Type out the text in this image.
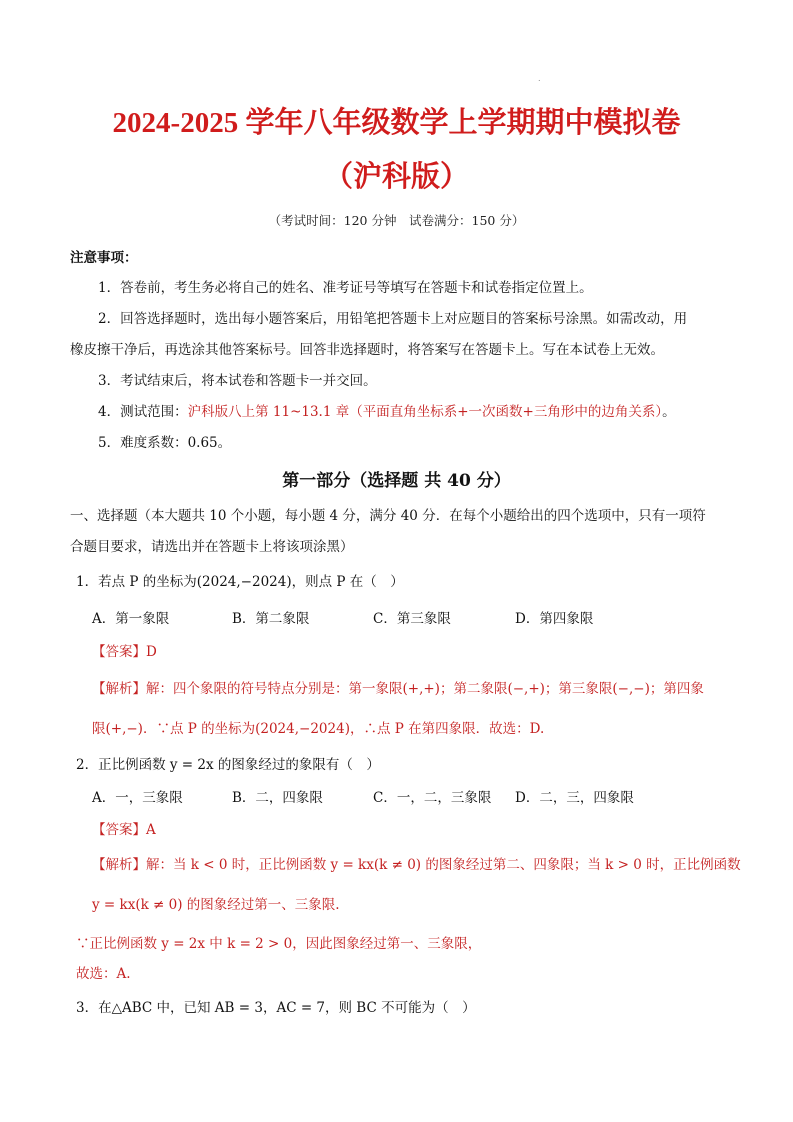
.
2024-2025 学年八年级数学上学期期中模拟卷
（沪科版）
（考试时间：120 分钟　试卷满分：150 分）
注意事项：
1．答卷前，考生务必将自己的姓名、准考证号等填写在答题卡和试卷指定位置上。
2．回答选择题时，选出每小题答案后，用铅笔把答题卡上对应题目的答案标号涂黑。如需改动，用
橡皮擦干净后，再选涂其他答案标号。回答非选择题时，将答案写在答题卡上。写在本试卷上无效。
3．考试结束后，将本试卷和答题卡一并交回。
4．测试范围：沪科版八上第 11~13.1 章（平面直角坐标系+一次函数+三角形中的边角关系）。
5．难度系数：0.65。
第一部分（选择题 共 40 分）
一、选择题（本大题共 10 个小题，每小题 4 分，满分 40 分．在每个小题给出的四个选项中，只有一项符
合题目要求，请选出并在答题卡上将该项涂黑）
1．若点 P 的坐标为(2024,−2024)，则点 P 在（　）
A．第一象限	B．第二象限	C．第三象限	D．第四象限
【答案】D
【解析】解：四个象限的符号特点分别是：第一象限(+,+)；第二象限(−,+)；第三象限(−,−)；第四象
限(+,−)．∵点 P 的坐标为(2024,−2024)，∴点 P 在第四象限．故选：D.
2．正比例函数 y = 2x 的图象经过的象限有（　）
A．一，三象限	B．二，四象限	C．一，二，三象限 D．二，三，四象限
【答案】A
【解析】解：当 k < 0 时，正比例函数 y = kx(k ≠ 0) 的图象经过第二、四象限；当 k > 0 时，正比例函数
y = kx(k ≠ 0) 的图象经过第一、三象限.
∵正比例函数 y = 2x 中 k = 2 > 0，因此图象经过第一、三象限，
故选：A.
3．在△ABC 中，已知 AB = 3，AC = 7，则 BC 不可能为（　）
